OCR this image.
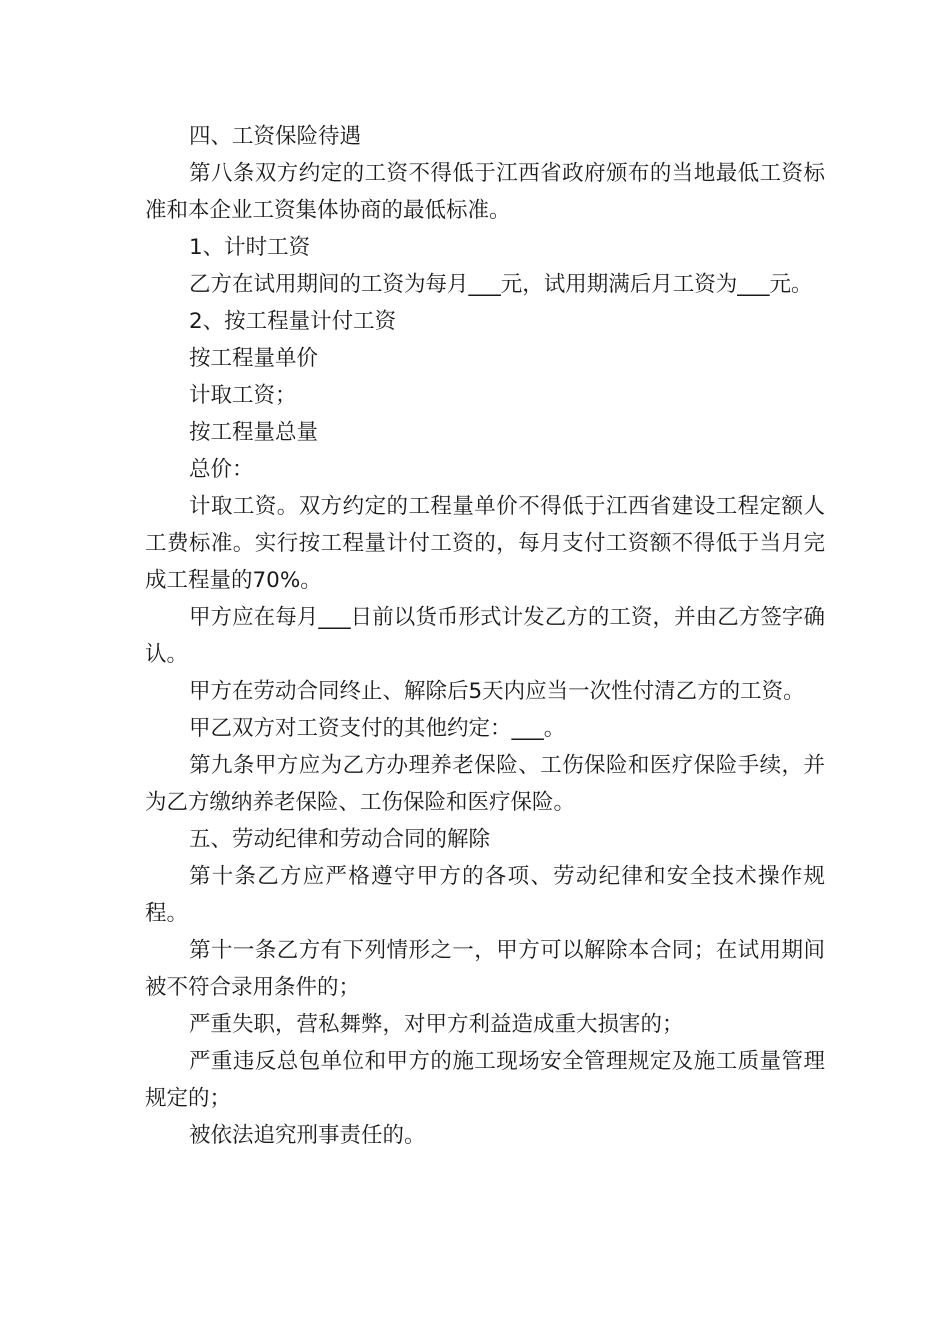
四、工资保险待遇

第八条双方约定的工资不得低于江西省政府颁布的当地最低工资标准和本企业工资集体协商的最低标准。

1、计时工资

乙方在试用期间的工资为每月___元，试用期满后月工资为___元。

2、按工程量计付工资

按工程量单价

计取工资；

按工程量总量

总价：

计取工资。双方约定的工程量单价不得低于江西省建设工程定额人工费标准。实行按工程量计付工资的，每月支付工资额不得低于当月完成工程量的70%。

甲方应在每月___日前以货币形式计发乙方的工资，并由乙方签字确认。

甲方在劳动合同终止、解除后5天内应当一次性付清乙方的工资。

甲乙双方对工资支付的其他约定：___。

第九条甲方应为乙方办理养老保险、工伤保险和医疗保险手续，并为乙方缴纳养老保险、工伤保险和医疗保险。

五、劳动纪律和劳动合同的解除

第十条乙方应严格遵守甲方的各项、劳动纪律和安全技术操作规程。

第十一条乙方有下列情形之一，甲方可以解除本合同；在试用期间被不符合录用条件的；

严重失职，营私舞弊，对甲方利益造成重大损害的；

严重违反总包单位和甲方的施工现场安全管理规定及施工质量管理规定的；

被依法追究刑事责任的。
